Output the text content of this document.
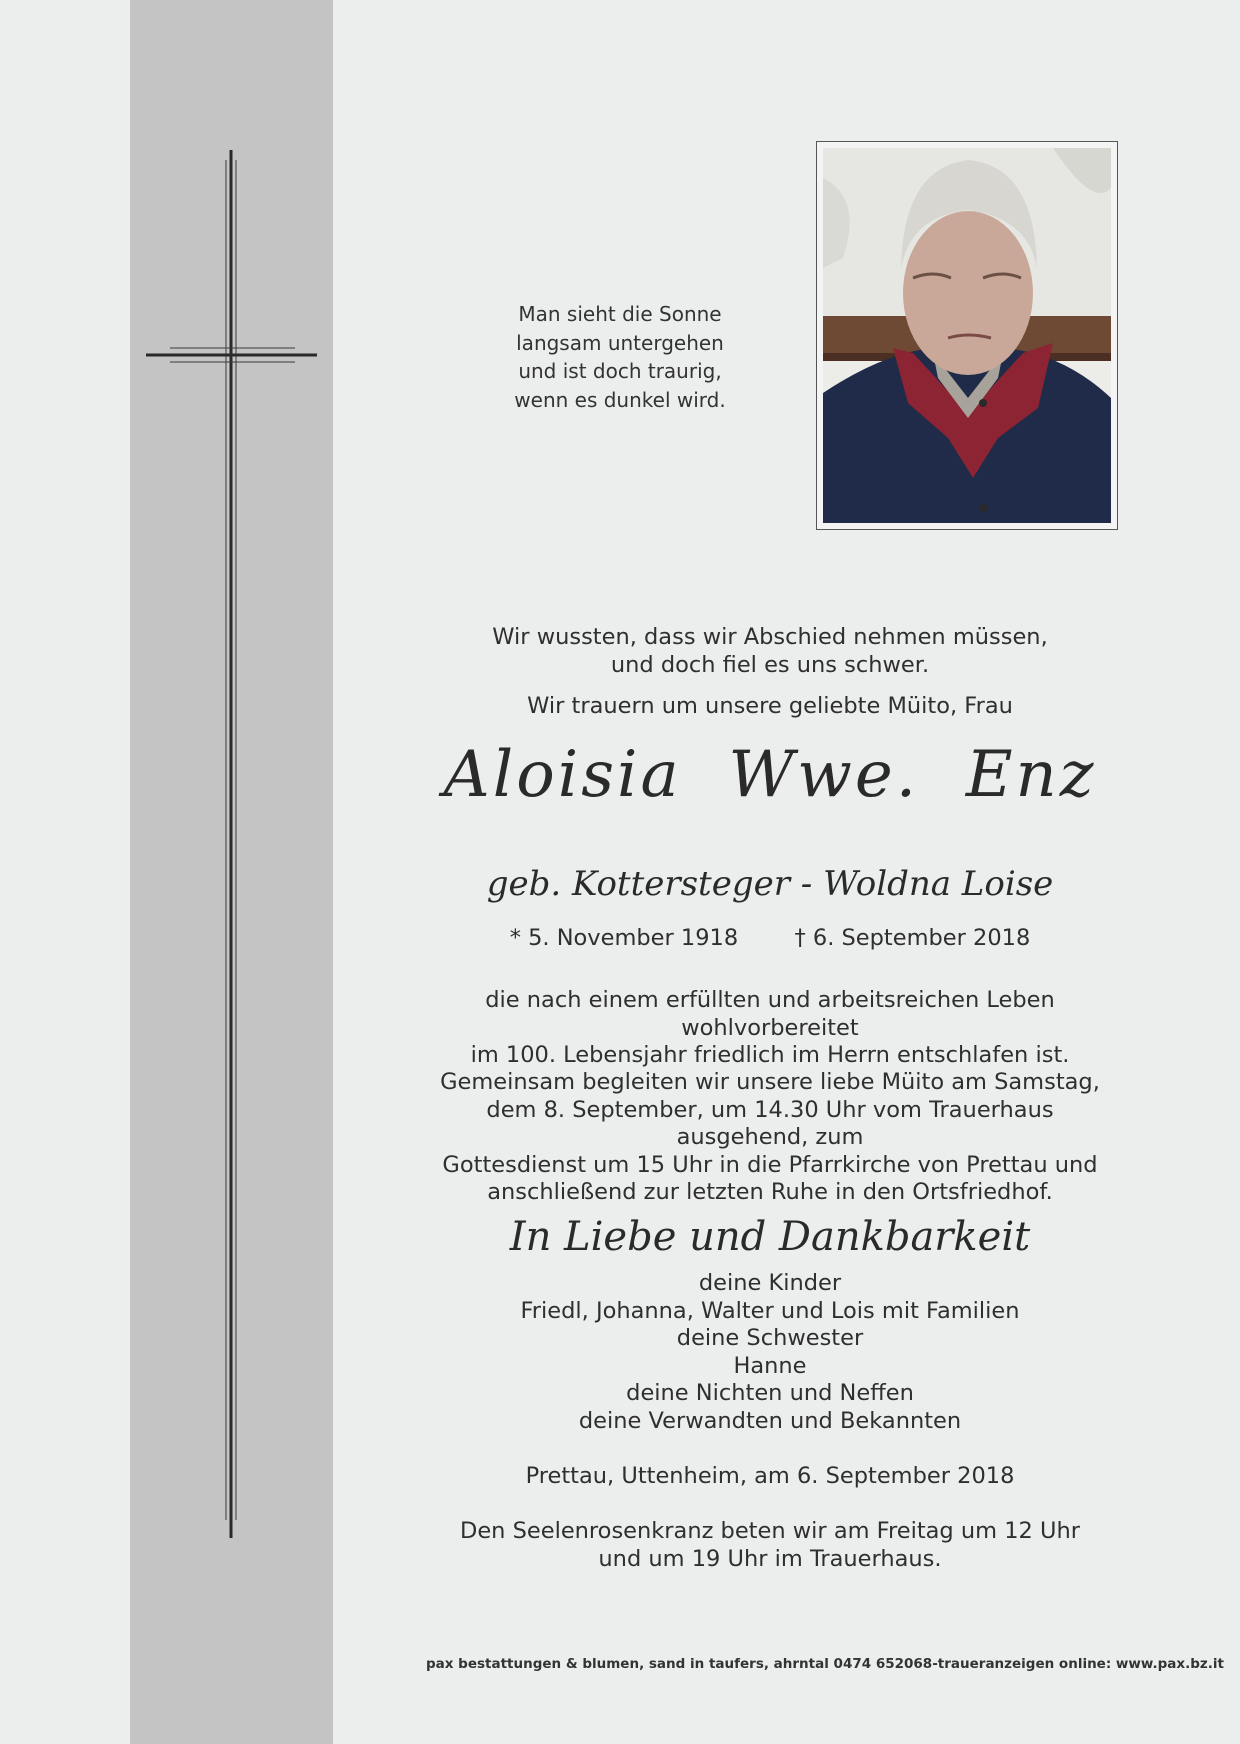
Man sieht die Sonne
langsam untergehen
und ist doch traurig,
wenn es dunkel wird.
Wir wussten, dass wir Abschied nehmen müssen,
und doch fiel es uns schwer.
Wir trauern um unsere geliebte Müito, Frau
Aloisia  Wwe.  Enz
geb. Kottersteger - Woldna Loise
* 5. November 1918	† 6. September 2018
die nach einem erfüllten und arbeitsreichen Leben wohlvorbereitet
im 100. Lebensjahr friedlich im Herrn entschlafen ist.
Gemeinsam begleiten wir unsere liebe Müito am Samstag,
dem 8. September, um 14.30 Uhr vom Trauerhaus ausgehend, zum
Gottesdienst um 15 Uhr in die Pfarrkirche von Prettau und
anschließend zur letzten Ruhe in den Ortsfriedhof.
In Liebe und Dankbarkeit
deine Kinder
Friedl, Johanna, Walter und Lois mit Familien
deine Schwester
Hanne
deine Nichten und Neffen
deine Verwandten und Bekannten
Prettau, Uttenheim, am 6. September 2018
Den Seelenrosenkranz beten wir am Freitag um 12 Uhr
und um 19 Uhr im Trauerhaus.
pax bestattungen & blumen, sand in taufers, ahrntal 0474 652068-traueranzeigen online: www.pax.bz.it
